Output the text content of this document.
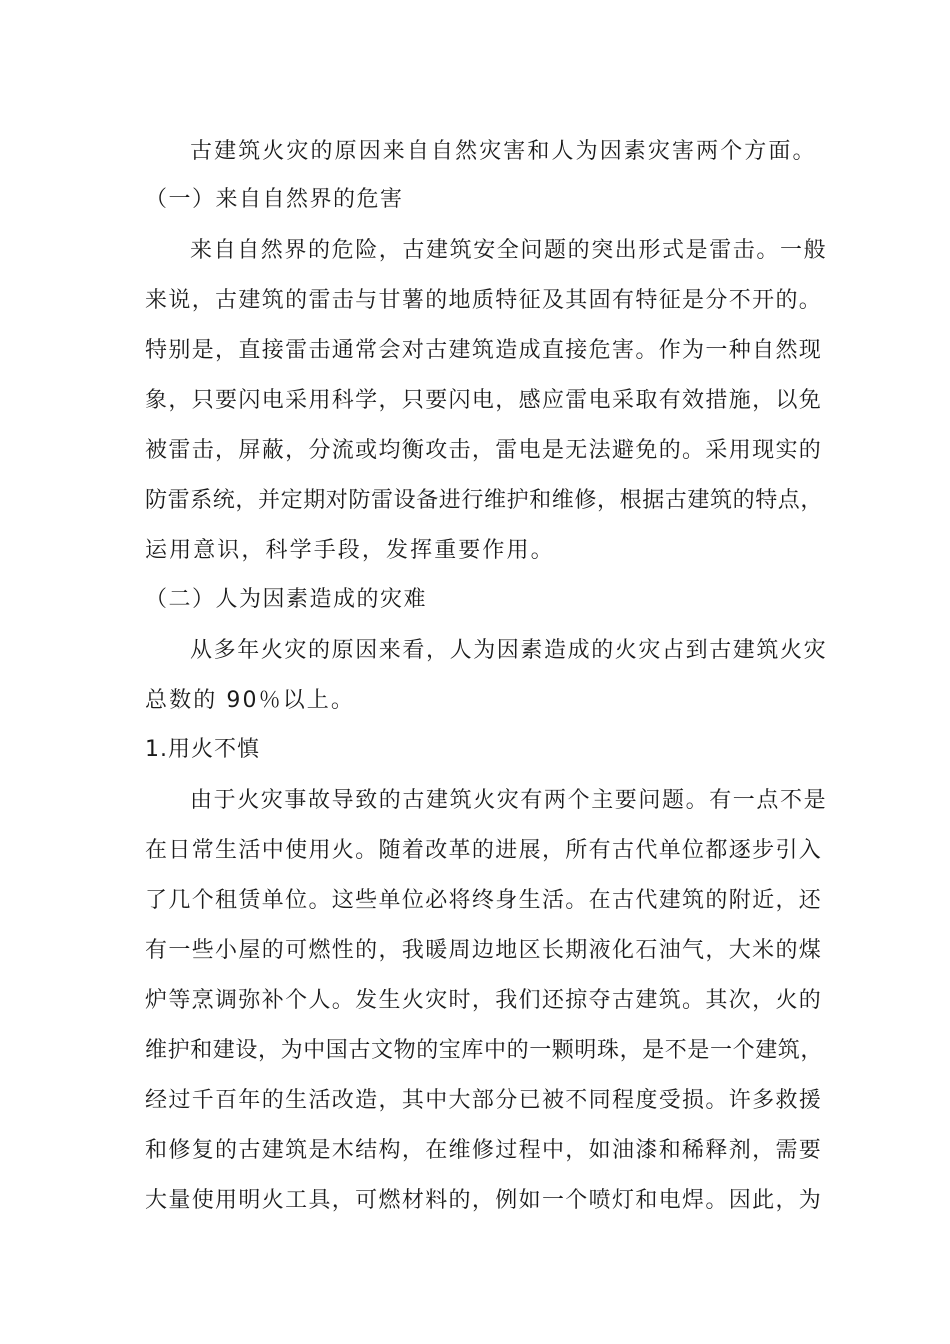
古建筑火灾的原因来自自然灾害和人为因素灾害两个方面。
（一）来自自然界的危害
来自自然界的危险，古建筑安全问题的突出形式是雷击。一般
来说，古建筑的雷击与甘薯的地质特征及其固有特征是分不开的。
特别是，直接雷击通常会对古建筑造成直接危害。作为一种自然现
象，只要闪电采用科学，只要闪电，感应雷电采取有效措施，以免
被雷击，屏蔽，分流或均衡攻击，雷电是无法避免的。采用现实的
防雷系统，并定期对防雷设备进行维护和维修，根据古建筑的特点，
运用意识，科学手段，发挥重要作用。
（二）人为因素造成的灾难
从多年火灾的原因来看，人为因素造成的火灾占到古建筑火灾
总数的 90％以上。
1.用火不慎
由于火灾事故导致的古建筑火灾有两个主要问题。有一点不是
在日常生活中使用火。随着改革的进展，所有古代单位都逐步引入
了几个租赁单位。这些单位必将终身生活。在古代建筑的附近，还
有一些小屋的可燃性的，我暖周边地区长期液化石油气，大米的煤
炉等烹调弥补个人。发生火灾时，我们还掠夺古建筑。其次，火的
维护和建设，为中国古文物的宝库中的一颗明珠，是不是一个建筑，
经过千百年的生活改造，其中大部分已被不同程度受损。许多救援
和修复的古建筑是木结构，在维修过程中，如油漆和稀释剂，需要
大量使用明火工具，可燃材料的，例如一个喷灯和电焊。因此，为
